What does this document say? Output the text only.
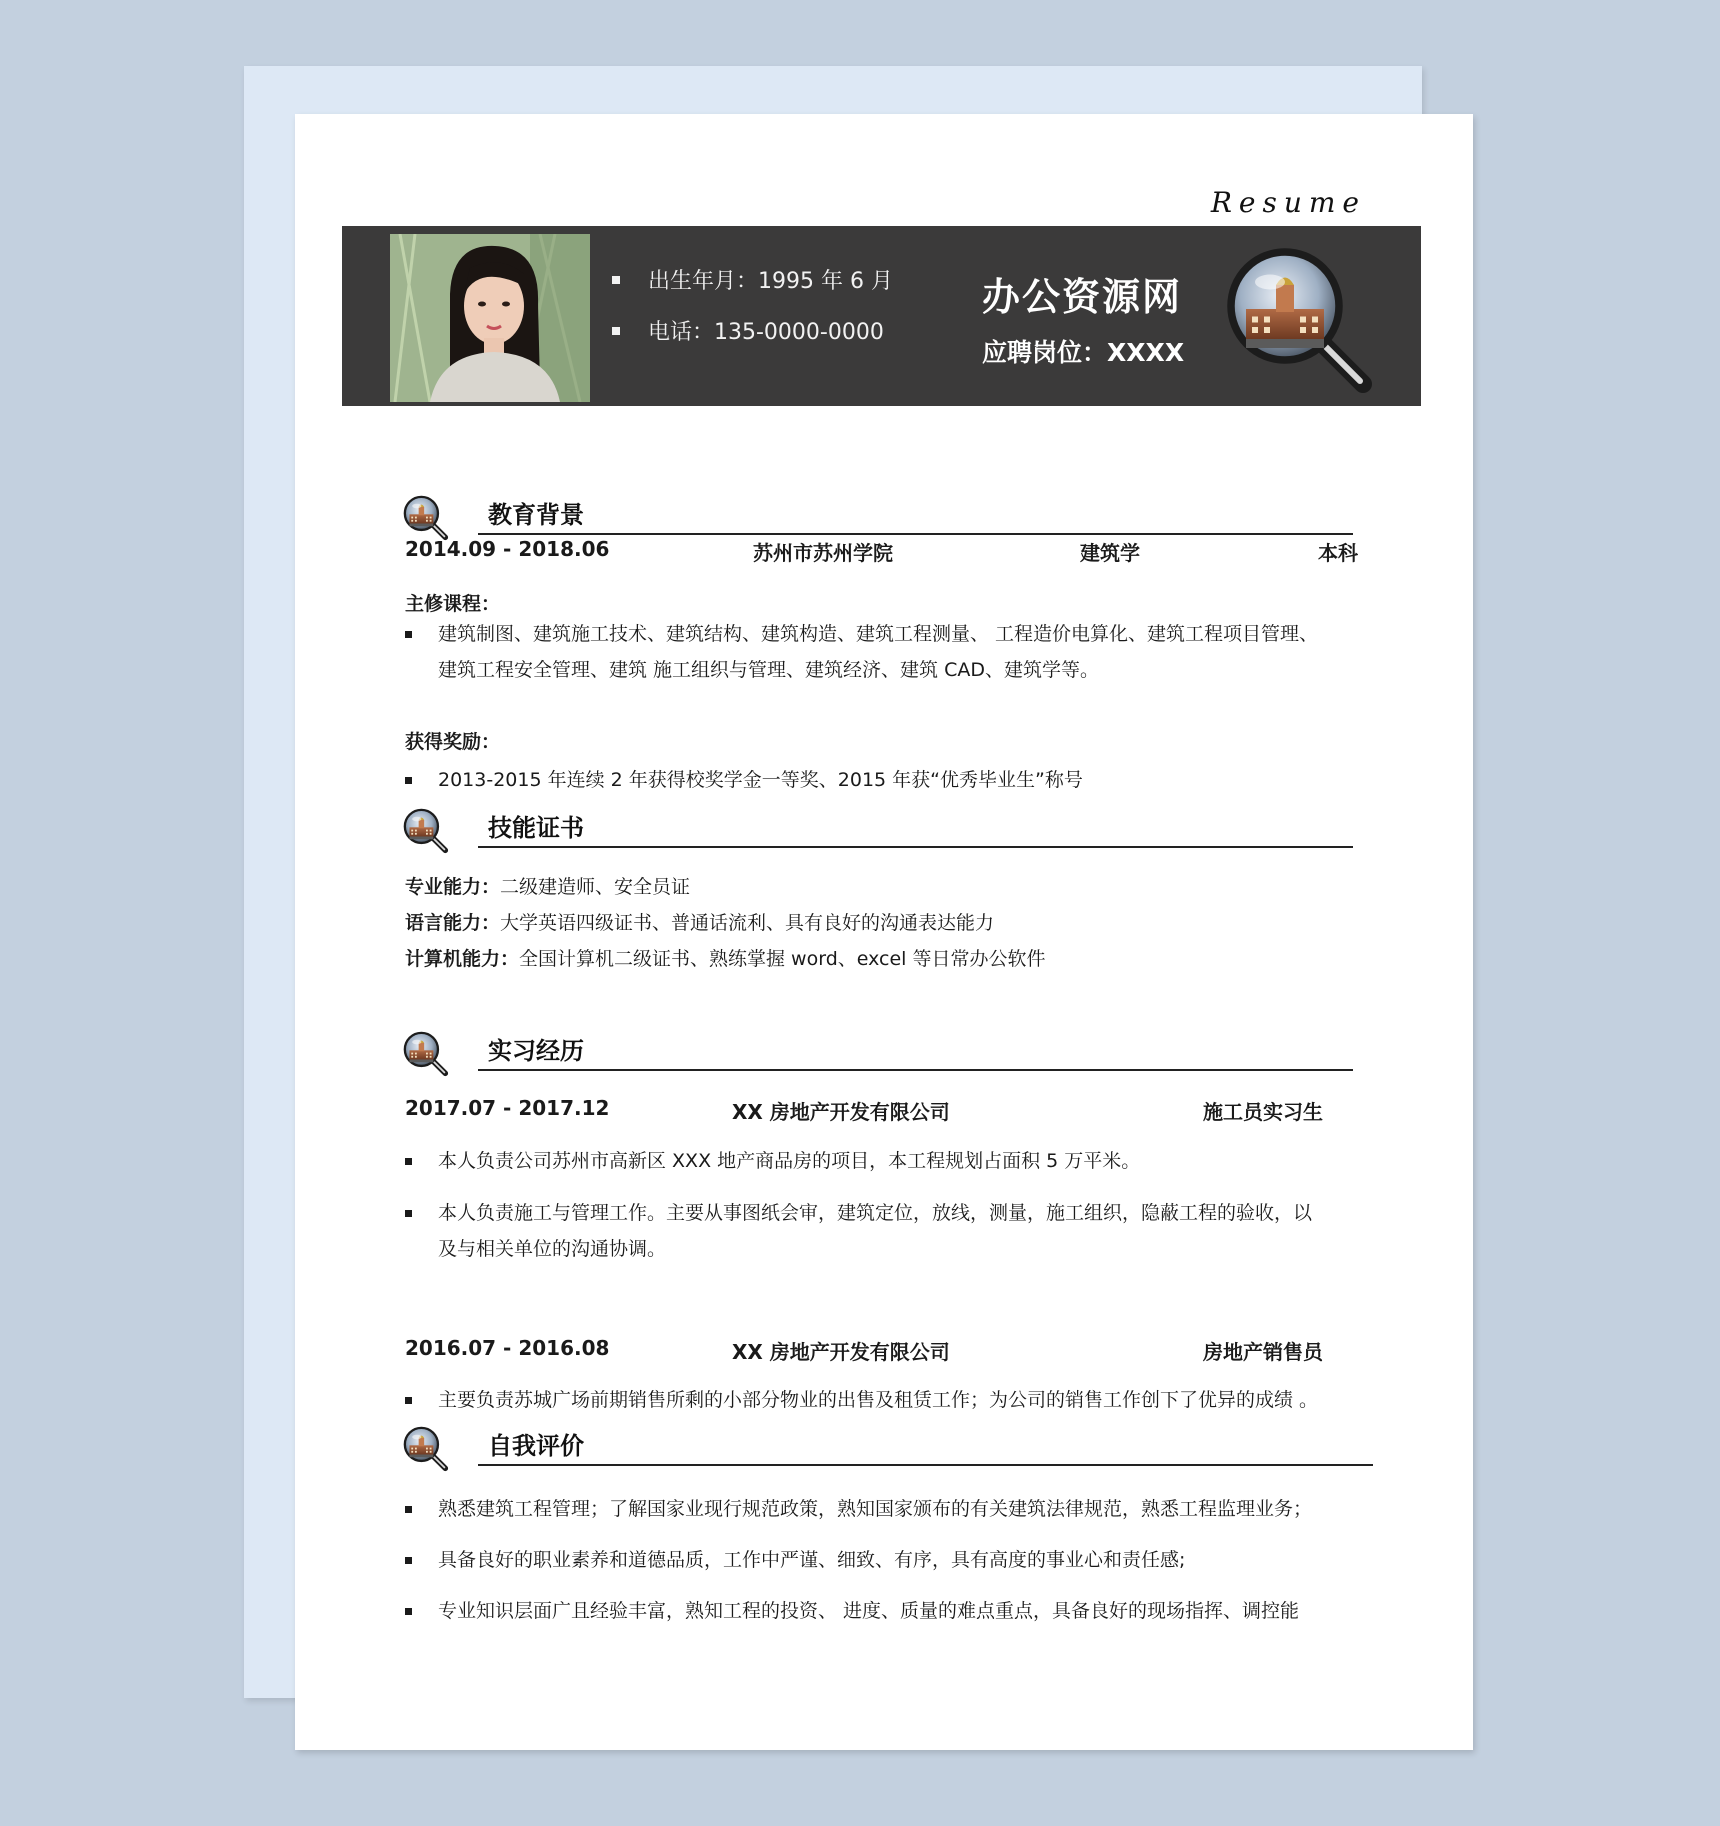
Resume
出生年月：1995 年 6 月
电话：135-0000-0000
办公资源网
应聘岗位：XXXX
教育背景
2014.09 - 2018.06	苏州市苏州学院	建筑学	本科
主修课程：
建筑制图、建筑施工技术、建筑结构、建筑构造、建筑工程测量、 工程造价电算化、建筑工程项目管理、
建筑工程安全管理、建筑 施工组织与管理、建筑经济、建筑 CAD、建筑学等。
获得奖励：
2013-2015 年连续 2 年获得校奖学金一等奖、2015 年获“优秀毕业生”称号
技能证书
专业能力：二级建造师、安全员证
语言能力：大学英语四级证书、普通话流利、具有良好的沟通表达能力
计算机能力：全国计算机二级证书、熟练掌握 word、excel 等日常办公软件
实习经历
2017.07 - 2017.12	XX 房地产开发有限公司	施工员实习生
本人负责公司苏州市高新区 XXX 地产商品房的项目，本工程规划占面积 5 万平米。
本人负责施工与管理工作。主要从事图纸会审，建筑定位，放线，测量，施工组织，隐蔽工程的验收，以
及与相关单位的沟通协调。
2016.07 - 2016.08	XX 房地产开发有限公司	房地产销售员
主要负责苏城广场前期销售所剩的小部分物业的出售及租赁工作；为公司的销售工作创下了优异的成绩 。
自我评价
熟悉建筑工程管理；了解国家业现行规范政策，熟知国家颁布的有关建筑法律规范，熟悉工程监理业务；
具备良好的职业素养和道德品质，工作中严谨、细致、有序，具有高度的事业心和责任感;
专业知识层面广且经验丰富，熟知工程的投资、 进度、质量的难点重点，具备良好的现场指挥、调控能
